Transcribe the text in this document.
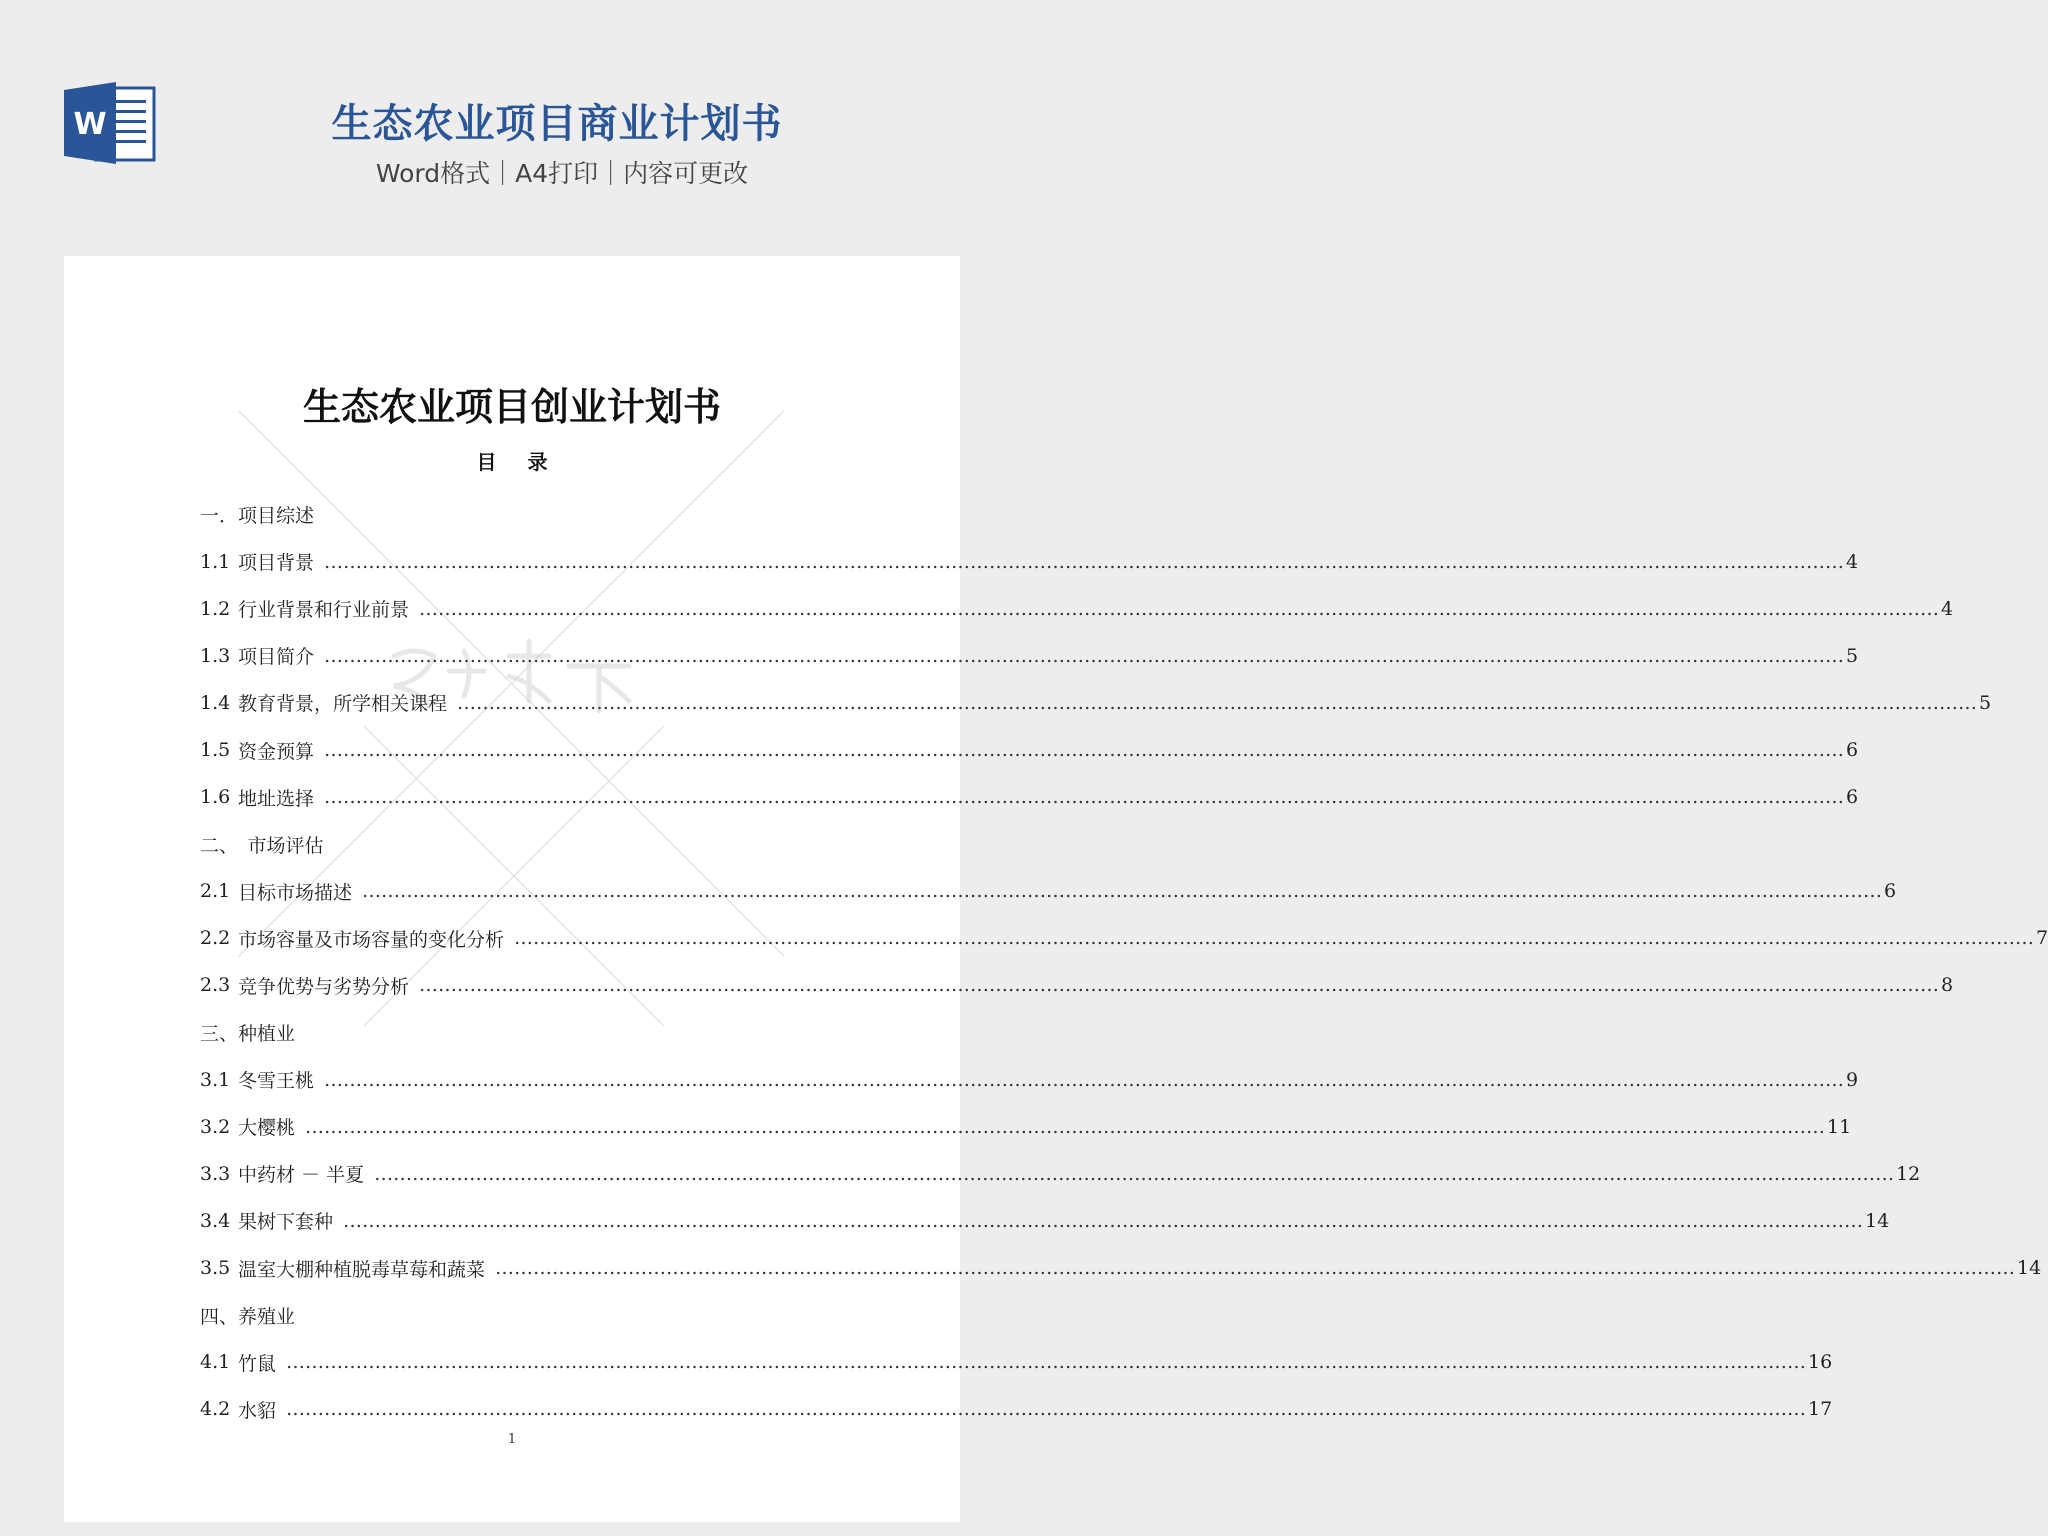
W	生态农业项目商业计划书
Word格式｜A4打印｜内容可更改
生态农业项目创业计划书
目 录
一．项目综述
1.1 项目背景 …………………………………………………………………………………………………………………………………………………………………………………………………………………… 4
1.2 行业背景和行业前景 …………………………………………………………………………………………………………………………………………………………………………………………………………………… 4
1.3 项目简介 …………………………………………………………………………………………………………………………………………………………………………………………………………………… 5
1.4 教育背景，所学相关课程 …………………………………………………………………………………………………………………………………………………………………………………………………………………… 5
1.5 资金预算 …………………………………………………………………………………………………………………………………………………………………………………………………………………… 6
1.6 地址选择 …………………………………………………………………………………………………………………………………………………………………………………………………………………… 6
二、　市场评估
2.1 目标市场描述 …………………………………………………………………………………………………………………………………………………………………………………………………………………… 6
2.2 市场容量及市场容量的变化分析 …………………………………………………………………………………………………………………………………………………………………………………………………………………… 7
2.3 竞争优势与劣势分析 …………………………………………………………………………………………………………………………………………………………………………………………………………………… 8
三、种植业
3.1 冬雪王桃 …………………………………………………………………………………………………………………………………………………………………………………………………………………… 9
3.2 大樱桃 …………………………………………………………………………………………………………………………………………………………………………………………………………………… 11
3.3 中药材 － 半夏 …………………………………………………………………………………………………………………………………………………………………………………………………………………… 12
3.4 果树下套种 …………………………………………………………………………………………………………………………………………………………………………………………………………………… 14
3.5 温室大棚种植脱毒草莓和蔬菜 …………………………………………………………………………………………………………………………………………………………………………………………………………………… 14
四、养殖业
4.1 竹鼠 …………………………………………………………………………………………………………………………………………………………………………………………………………………… 16
4.2 水貂 …………………………………………………………………………………………………………………………………………………………………………………………………………………… 17
1
